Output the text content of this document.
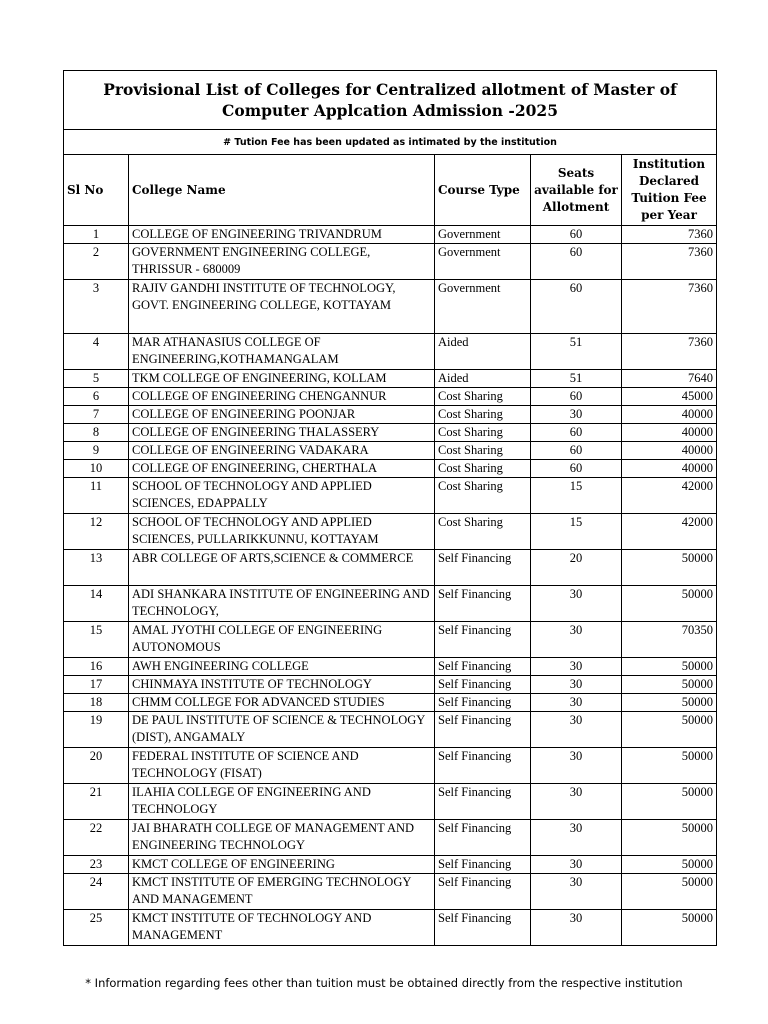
Provisional List of Colleges for Centralized allotment of Master of Computer Applcation Admission -2025				
# Tution Fee has been updated as intimated by the institution				
Sl No	College Name	Course Type	Seats available for Allotment	Institution Declared Tuition Fee per Year
1	COLLEGE OF ENGINEERING TRIVANDRUM	Government	60	7360
2	GOVERNMENT ENGINEERING COLLEGE, THRISSUR - 680009	Government	60	7360
3	RAJIV GANDHI INSTITUTE OF TECHNOLOGY, GOVT. ENGINEERING COLLEGE, KOTTAYAM	Government	60	7360
4	MAR ATHANASIUS COLLEGE OF ENGINEERING,KOTHAMANGALAM	Aided	51	7360
5	TKM COLLEGE OF ENGINEERING, KOLLAM	Aided	51	7640
6	COLLEGE OF ENGINEERING CHENGANNUR	Cost Sharing	60	45000
7	COLLEGE OF ENGINEERING POONJAR	Cost Sharing	30	40000
8	COLLEGE OF ENGINEERING THALASSERY	Cost Sharing	60	40000
9	COLLEGE OF ENGINEERING VADAKARA	Cost Sharing	60	40000
10	COLLEGE OF ENGINEERING, CHERTHALA	Cost Sharing	60	40000
11	SCHOOL OF TECHNOLOGY AND APPLIED SCIENCES, EDAPPALLY	Cost Sharing	15	42000
12	SCHOOL OF TECHNOLOGY AND APPLIED SCIENCES, PULLARIKKUNNU, KOTTAYAM	Cost Sharing	15	42000
13	ABR COLLEGE OF ARTS,SCIENCE & COMMERCE	Self Financing	20	50000
14	ADI SHANKARA INSTITUTE OF ENGINEERING AND TECHNOLOGY,	Self Financing	30	50000
15	AMAL JYOTHI COLLEGE OF ENGINEERING AUTONOMOUS	Self Financing	30	70350
16	AWH ENGINEERING COLLEGE	Self Financing	30	50000
17	CHINMAYA INSTITUTE OF TECHNOLOGY	Self Financing	30	50000
18	CHMM COLLEGE FOR ADVANCED STUDIES	Self Financing	30	50000
19	DE PAUL INSTITUTE OF SCIENCE & TECHNOLOGY (DIST), ANGAMALY	Self Financing	30	50000
20	FEDERAL INSTITUTE OF SCIENCE AND TECHNOLOGY (FISAT)	Self Financing	30	50000
21	ILAHIA COLLEGE OF ENGINEERING AND TECHNOLOGY	Self Financing	30	50000
22	JAI BHARATH COLLEGE OF MANAGEMENT AND ENGINEERING TECHNOLOGY	Self Financing	30	50000
23	KMCT COLLEGE OF ENGINEERING	Self Financing	30	50000
24	KMCT INSTITUTE OF EMERGING TECHNOLOGY AND MANAGEMENT	Self Financing	30	50000
25	KMCT INSTITUTE OF TECHNOLOGY AND MANAGEMENT	Self Financing	30	50000
* Information regarding fees other than tuition must be obtained directly from the respective institution
